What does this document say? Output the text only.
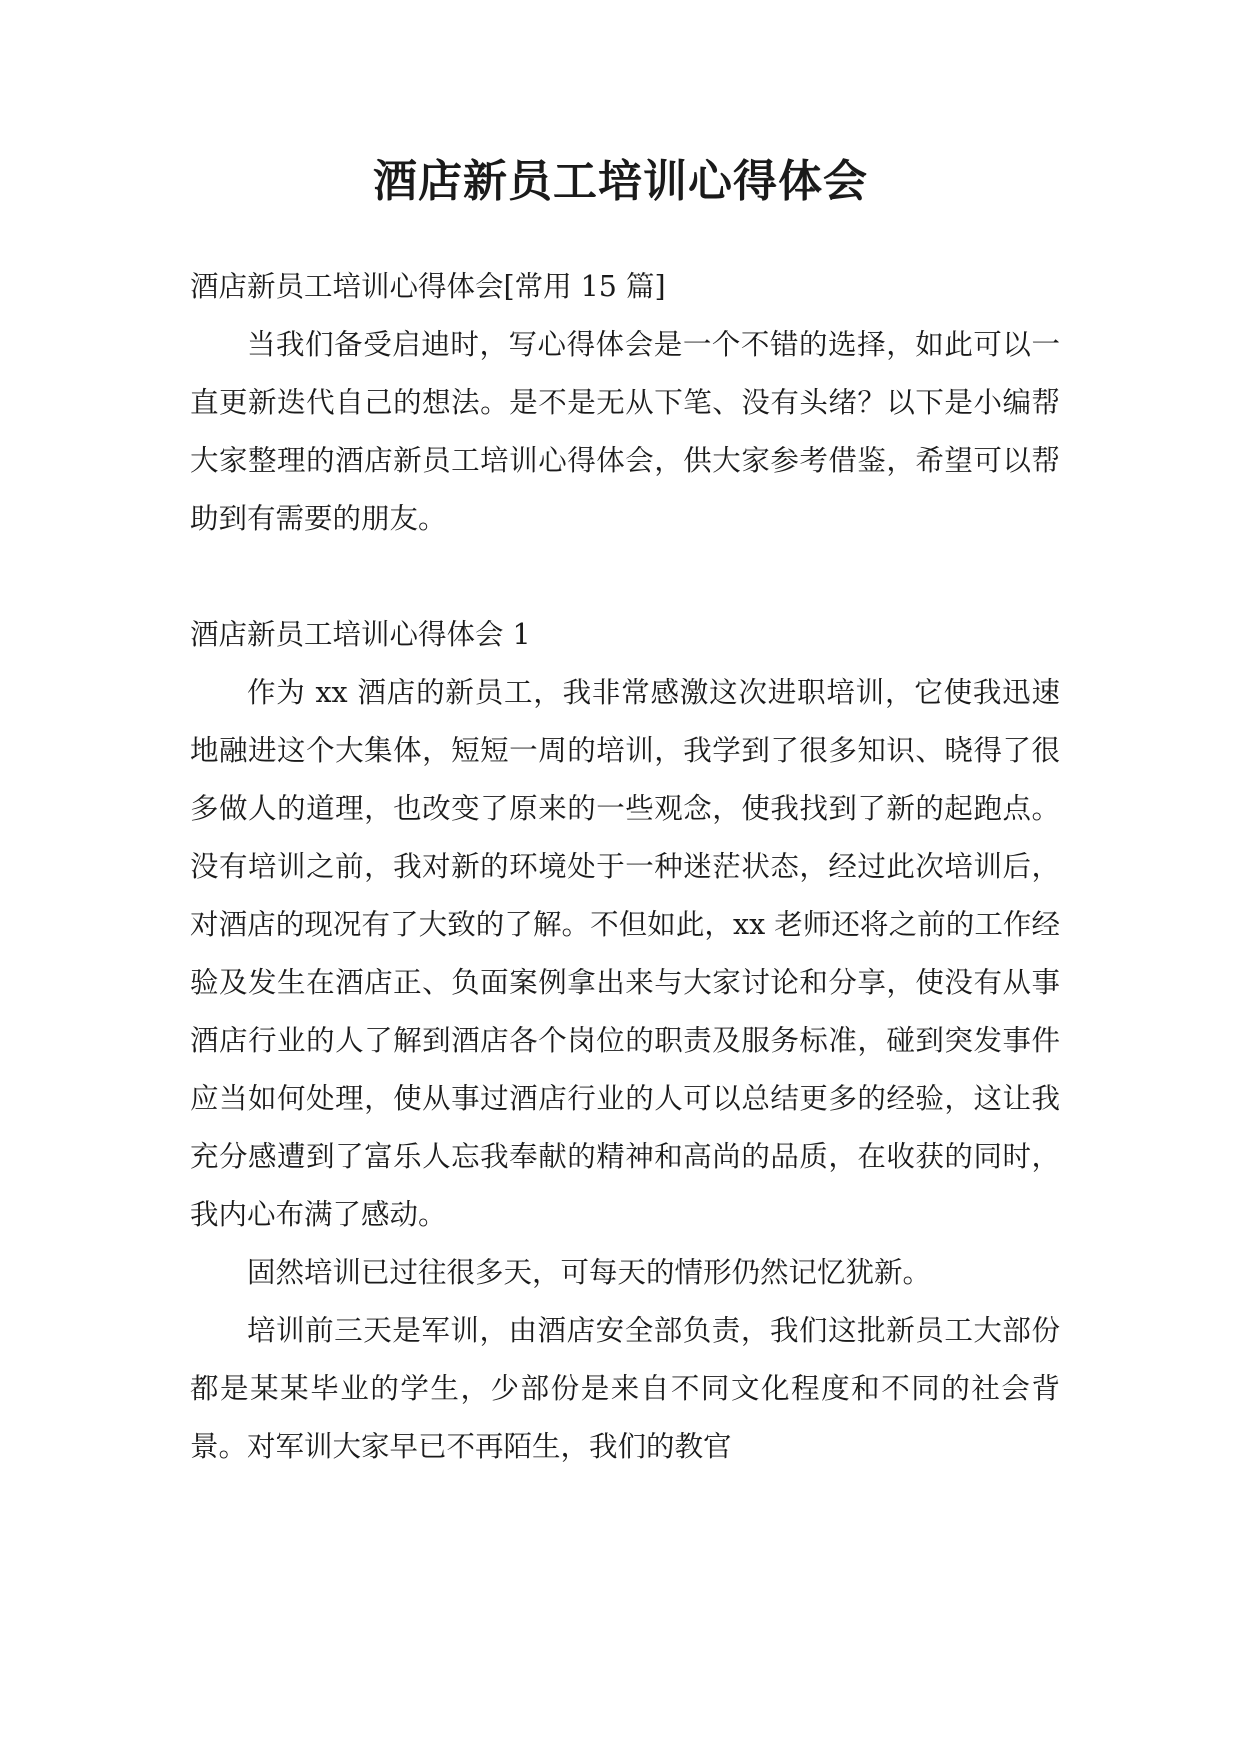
酒店新员工培训心得体会

酒店新员工培训心得体会[常用 15 篇]

当我们备受启迪时，写心得体会是一个不错的选择，如此可以一直更新迭代自己的想法。是不是无从下笔、没有头绪？以下是小编帮大家整理的酒店新员工培训心得体会，供大家参考借鉴，希望可以帮助到有需要的朋友。

酒店新员工培训心得体会 1

作为 xx 酒店的新员工，我非常感激这次进职培训，它使我迅速地融进这个大集体，短短一周的培训，我学到了很多知识、晓得了很多做人的道理，也改变了原来的一些观念，使我找到了新的起跑点。没有培训之前，我对新的环境处于一种迷茫状态，经过此次培训后，对酒店的现况有了大致的了解。不但如此，xx 老师还将之前的工作经验及发生在酒店正、负面案例拿出来与大家讨论和分享，使没有从事酒店行业的人了解到酒店各个岗位的职责及服务标准，碰到突发事件应当如何处理，使从事过酒店行业的人可以总结更多的经验，这让我充分感遭到了富乐人忘我奉献的精神和高尚的品质，在收获的同时，我内心布满了感动。

固然培训已过往很多天，可每天的情形仍然记忆犹新。

培训前三天是军训，由酒店安全部负责，我们这批新员工大部份都是某某毕业的学生，少部份是来自不同文化程度和不同的社会背景。对军训大家早已不再陌生，我们的教官
